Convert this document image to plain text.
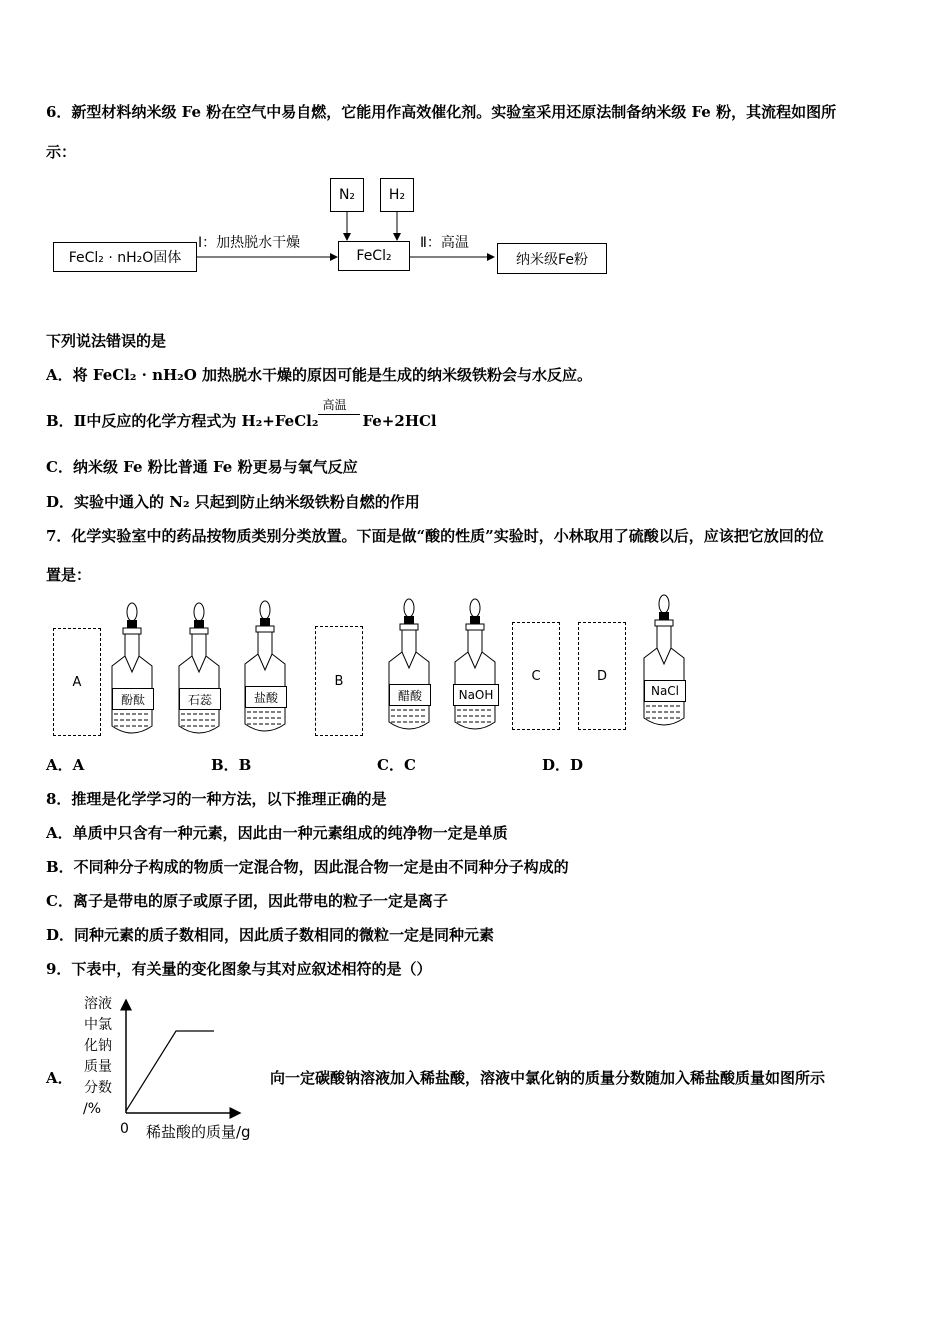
6．新型材料纳米级 Fe 粉在空气中易自燃，它能用作高效催化剂。实验室采用还原法制备纳米级 Fe 粉，其流程如图所
示：
FeCl₂ · nH₂O固体
Ⅰ：加热脱水干燥
N₂	H₂
FeCl₂
Ⅱ：高温
纳米级Fe粉
下列说法错误的是
A．将 FeCl₂ · nH₂O 加热脱水干燥的原因可能是生成的纳米级铁粉会与水反应。
B．Ⅱ中反应的化学方程式为 H₂+FeCl₂
高温
Fe+2HCl
C．纳米级 Fe 粉比普通 Fe 粉更易与氧气反应
D．实验中通入的 N₂ 只起到防止纳米级铁粉自燃的作用
7．化学实验室中的药品按物质类别分类放置。下面是做“酸的性质”实验时，小林取用了硫酸以后，应该把它放回的位
置是：
A	B	C	D
酚酞	石蕊	盐酸	醋酸	NaOH	NaCl
A．A	B．B	C．C	D．D
8．推理是化学学习的一种方法，以下推理正确的是
A．单质中只含有一种元素，因此由一种元素组成的纯净物一定是单质
B．不同种分子构成的物质一定混合物，因此混合物一定是由不同种分子构成的
C．离子是带电的原子或原子团，因此带电的粒子一定是离子
D．同种元素的质子数相同，因此质子数相同的微粒一定是同种元素
9．下表中，有关量的变化图象与其对应叙述相符的是（）
A．
溶液
中氯
化钠
质量
分数
/%
0 稀盐酸的质量/g
向一定碳酸钠溶液加入稀盐酸，溶液中氯化钠的质量分数随加入稀盐酸质量如图所示
